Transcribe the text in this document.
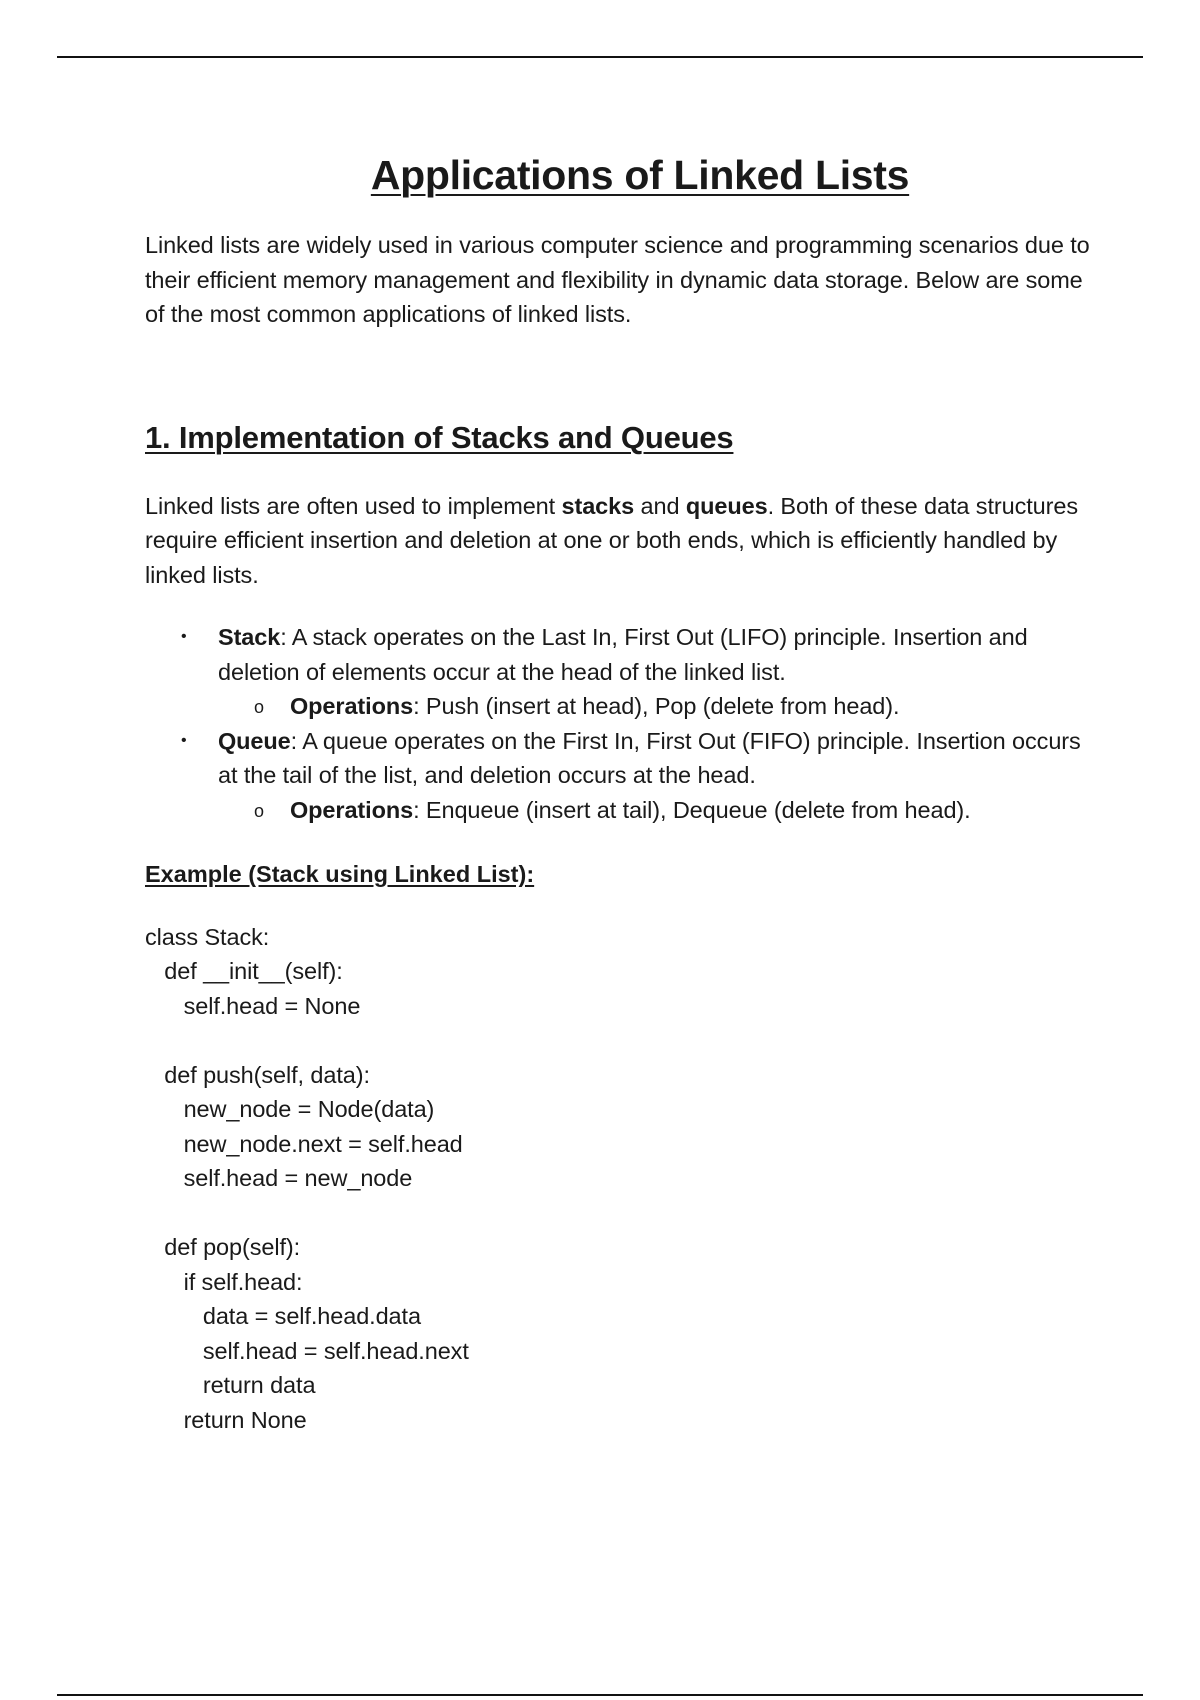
Applications of Linked Lists

Linked lists are widely used in various computer science and programming scenarios due to their efficient memory management and flexibility in dynamic data storage. Below are some of the most common applications of linked lists.

1. Implementation of Stacks and Queues

Linked lists are often used to implement stacks and queues. Both of these data structures require efficient insertion and deletion at one or both ends, which is efficiently handled by linked lists.

• Stack: A stack operates on the Last In, First Out (LIFO) principle. Insertion and deletion of elements occur at the head of the linked list.
o Operations: Push (insert at head), Pop (delete from head).
• Queue: A queue operates on the First In, First Out (FIFO) principle. Insertion occurs at the tail of the list, and deletion occurs at the head.
o Operations: Enqueue (insert at tail), Dequeue (delete from head).

Example (Stack using Linked List):

class Stack:
def __init__(self):
self.head = None

def push(self, data):
new_node = Node(data)
new_node.next = self.head
self.head = new_node

def pop(self):
if self.head:
data = self.head.data
self.head = self.head.next
return data
return None
